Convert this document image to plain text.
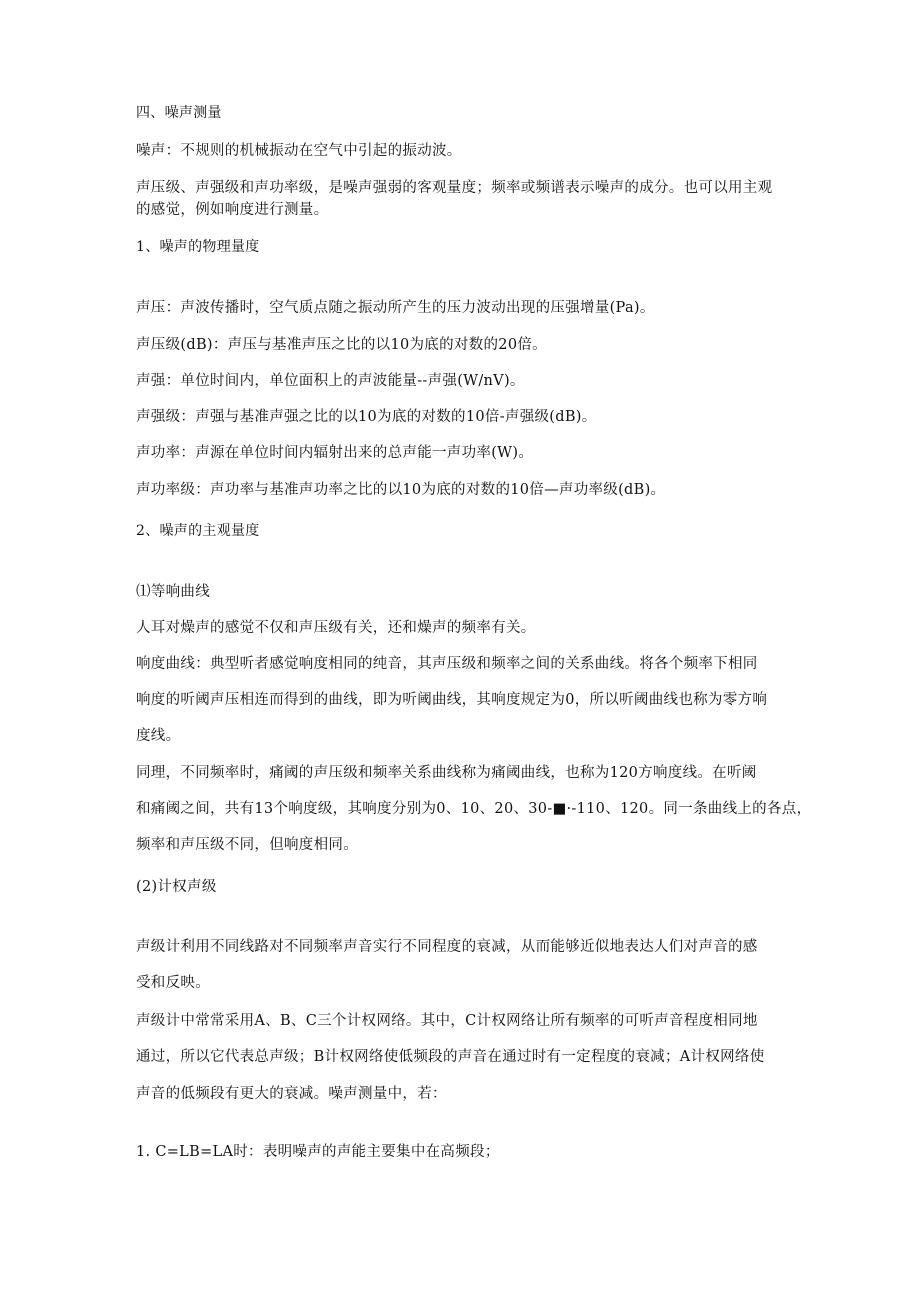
四、噪声测量
噪声：不规则的机械振动在空气中引起的振动波。
声压级、声强级和声功率级，是噪声强弱的客观量度；频率或频谱表示噪声的成分。也可以用主观
的感觉，例如响度进行测量。
1、噪声的物理量度
声压：声波传播时，空气质点随之振动所产生的压力波动出现的压强增量(Pa)。
声压级(dB)：声压与基准声压之比的以10为底的对数的20倍。
声强：单位时间内，单位面积上的声波能量--声强(W/nV)。
声强级：声强与基准声强之比的以10为底的对数的10倍-声强级(dB)。
声功率：声源在单位时间内辐射出来的总声能一声功率(W)。
声功率级：声功率与基准声功率之比的以10为底的对数的10倍—声功率级(dB)。
2、噪声的主观量度
⑴等响曲线
人耳对燥声的感觉不仅和声压级有关，还和燥声的频率有关。
响度曲线：典型听者感觉响度相同的纯音，其声压级和频率之间的关系曲线。将各个频率下相同
响度的听阈声压相连而得到的曲线，即为听阈曲线，其响度规定为0，所以听阈曲线也称为零方响
度线。
同理，不同频率时，痛阈的声压级和频率关系曲线称为痛阈曲线，也称为120方响度线。在听阈
和痛阈之间，共有13个响度级，其响度分别为0、10、20、30-■·-110、120。同一条曲线上的各点，
频率和声压级不同，但响度相同。
(2)计权声级
声级计利用不同线路对不同频率声音实行不同程度的衰减，从而能够近似地表达人们对声音的感
受和反映。
声级计中常常采用A、B、C三个计权网络。其中，C计权网络让所有频率的可听声音程度相同地
通过，所以它代表总声级；B计权网络使低频段的声音在通过时有一定程度的衰减；A计权网络使
声音的低频段有更大的衰减。噪声测量中，若：
1. C=LB=LA时：表明噪声的声能主要集中在高频段；
